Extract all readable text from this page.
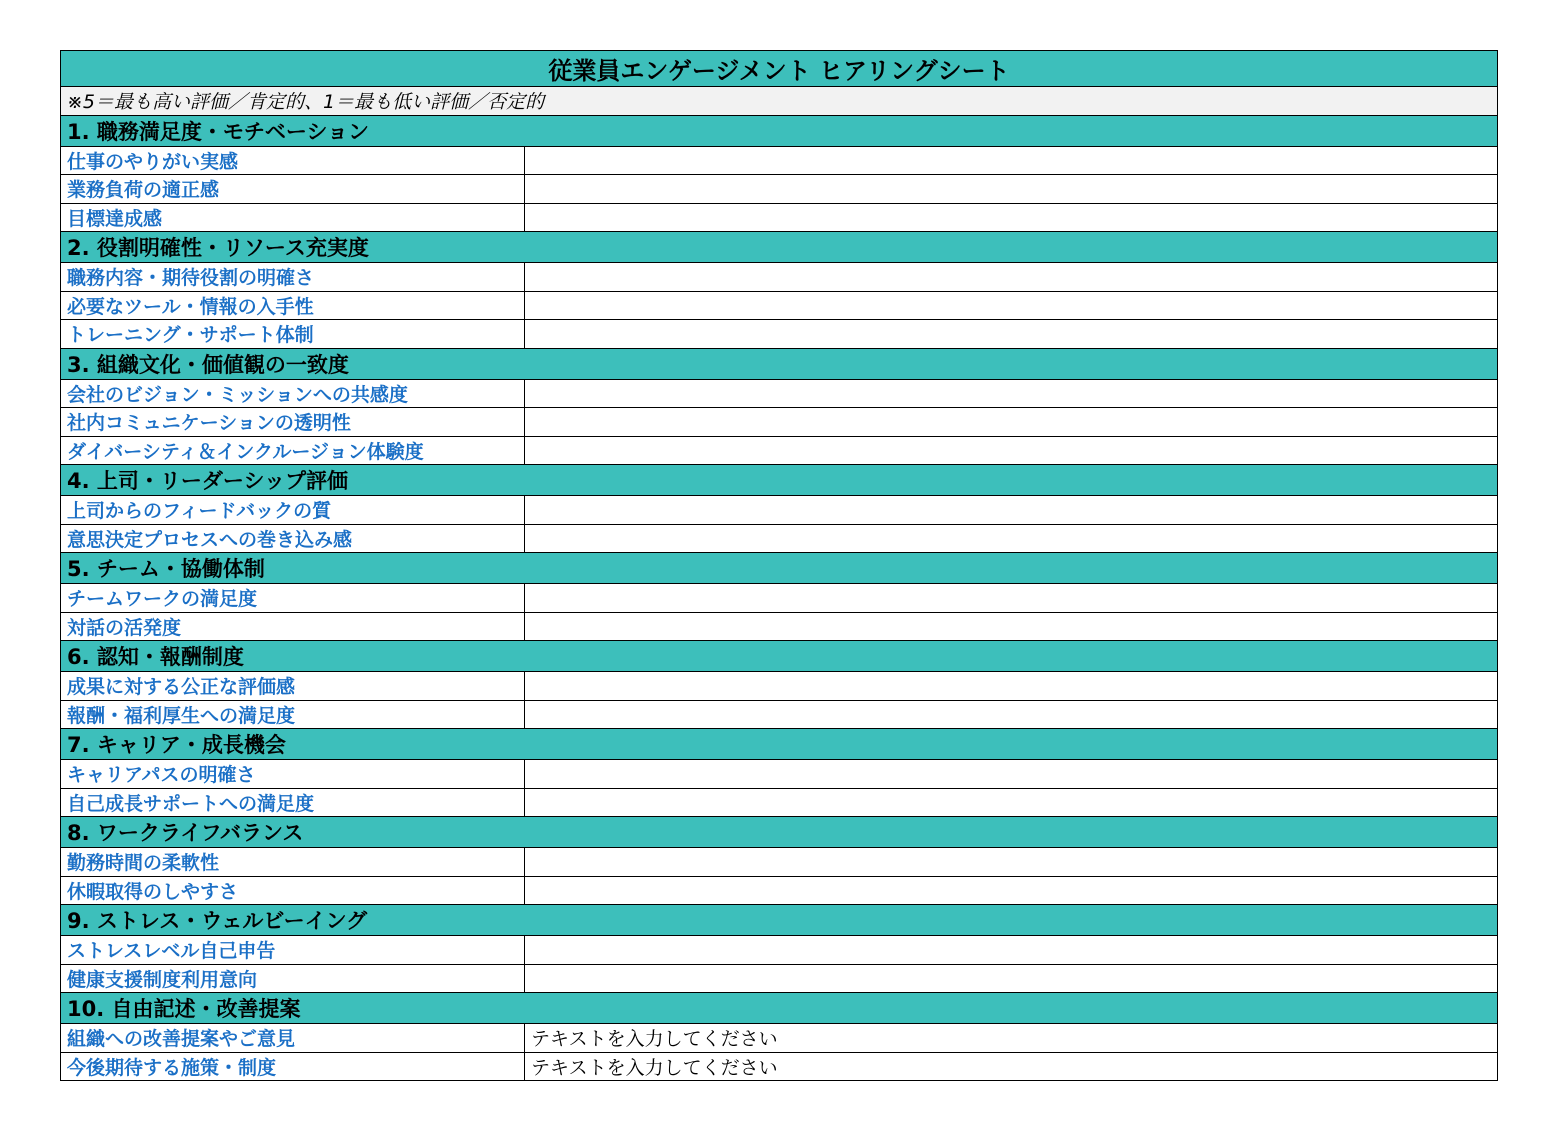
従業員エンゲージメント ヒアリングシート	
※5＝最も高い評価／肯定的、1＝最も低い評価／否定的	
1. 職務満足度・モチベーション	
仕事のやりがい実感	
業務負荷の適正感	
目標達成感	
2. 役割明確性・リソース充実度	
職務内容・期待役割の明確さ	
必要なツール・情報の入手性	
トレーニング・サポート体制	
3. 組織文化・価値観の一致度	
会社のビジョン・ミッションへの共感度	
社内コミュニケーションの透明性	
ダイバーシティ＆インクルージョン体験度	
4. 上司・リーダーシップ評価	
上司からのフィードバックの質	
意思決定プロセスへの巻き込み感	
5. チーム・協働体制	
チームワークの満足度	
対話の活発度	
6. 認知・報酬制度	
成果に対する公正な評価感	
報酬・福利厚生への満足度	
7. キャリア・成長機会	
キャリアパスの明確さ	
自己成長サポートへの満足度	
8. ワークライフバランス	
勤務時間の柔軟性	
休暇取得のしやすさ	
9. ストレス・ウェルビーイング	
ストレスレベル自己申告	
健康支援制度利用意向	
10. 自由記述・改善提案	
組織への改善提案やご意見	テキストを入力してください
今後期待する施策・制度	テキストを入力してください
